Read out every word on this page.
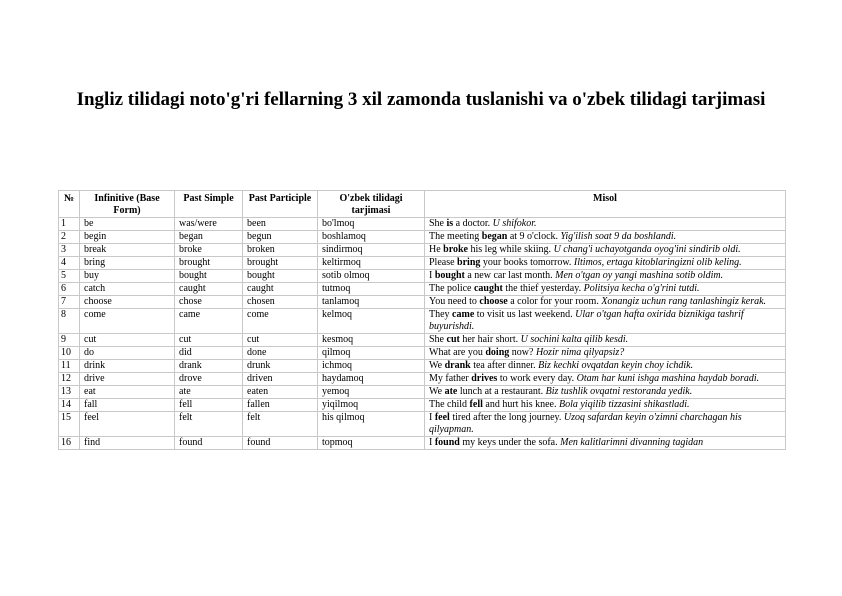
Ingliz tilidagi noto'g'ri fellarning 3 xil zamonda tuslanishi va o'zbek tilidagi tarjimasi
№	Infinitive (Base Form)	Past Simple	Past Participle	O'zbek tilidagi tarjimasi	Misol
1	be	was/were	been	bo'lmoq	She is a doctor. U shifokor.
2	begin	began	begun	boshlamoq	The meeting began at 9 o'clock. Yig'ilish soat 9 da boshlandi.
3	break	broke	broken	sindirmoq	He broke his leg while skiing. U chang'i uchayotganda oyog'ini sindirib oldi.
4	bring	brought	brought	keltirmoq	Please bring your books tomorrow. Iltimos, ertaga kitoblaringizni olib keling.
5	buy	bought	bought	sotib olmoq	I bought a new car last month. Men o'tgan oy yangi mashina sotib oldim.
6	catch	caught	caught	tutmoq	The police caught the thief yesterday. Politsiya kecha o'g'rini tutdi.
7	choose	chose	chosen	tanlamoq	You need to choose a color for your room. Xonangiz uchun rang tanlashingiz kerak.
8	come	came	come	kelmoq	They came to visit us last weekend. Ular o'tgan hafta oxirida biznikiga tashrif buyurishdi.
9	cut	cut	cut	kesmoq	She cut her hair short. U sochini kalta qilib kesdi.
10	do	did	done	qilmoq	What are you doing now? Hozir nima qilyapsiz?
11	drink	drank	drunk	ichmoq	We drank tea after dinner. Biz kechki ovqatdan keyin choy ichdik.
12	drive	drove	driven	haydamoq	My father drives to work every day. Otam har kuni ishga mashina haydab boradi.
13	eat	ate	eaten	yemoq	We ate lunch at a restaurant. Biz tushlik ovqatni restoranda yedik.
14	fall	fell	fallen	yiqilmoq	The child fell and hurt his knee. Bola yiqilib tizzasini shikastladi.
15	feel	felt	felt	his qilmoq	I feel tired after the long journey. Uzoq safardan keyin o'zimni charchagan his qilyapman.
16	find	found	found	topmoq	I found my keys under the sofa. Men kalitlarimni divanning tagidan
